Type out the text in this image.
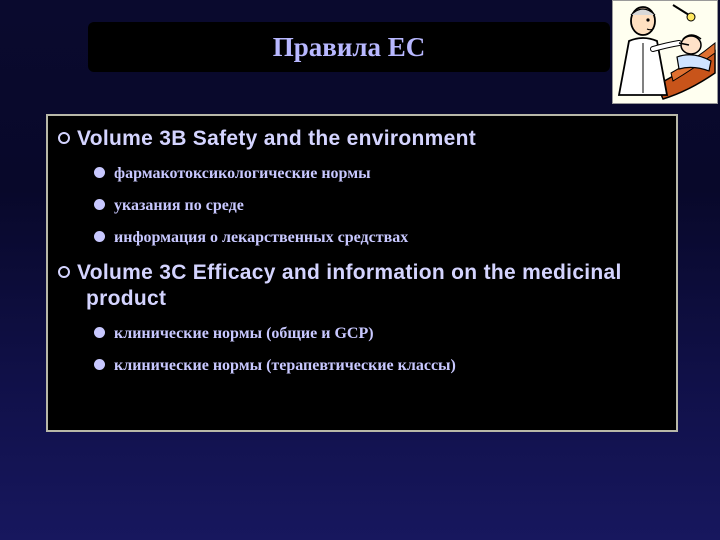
Правила ЕС
Volume 3B Safety and the environment
фармакотоксикологические нормы
указания по среде
информация о лекарственных средствах
Volume 3C Efficacy and information on the medicinal
product
клинические нормы (общие и GCP)
клинические нормы (терапевтические классы)
